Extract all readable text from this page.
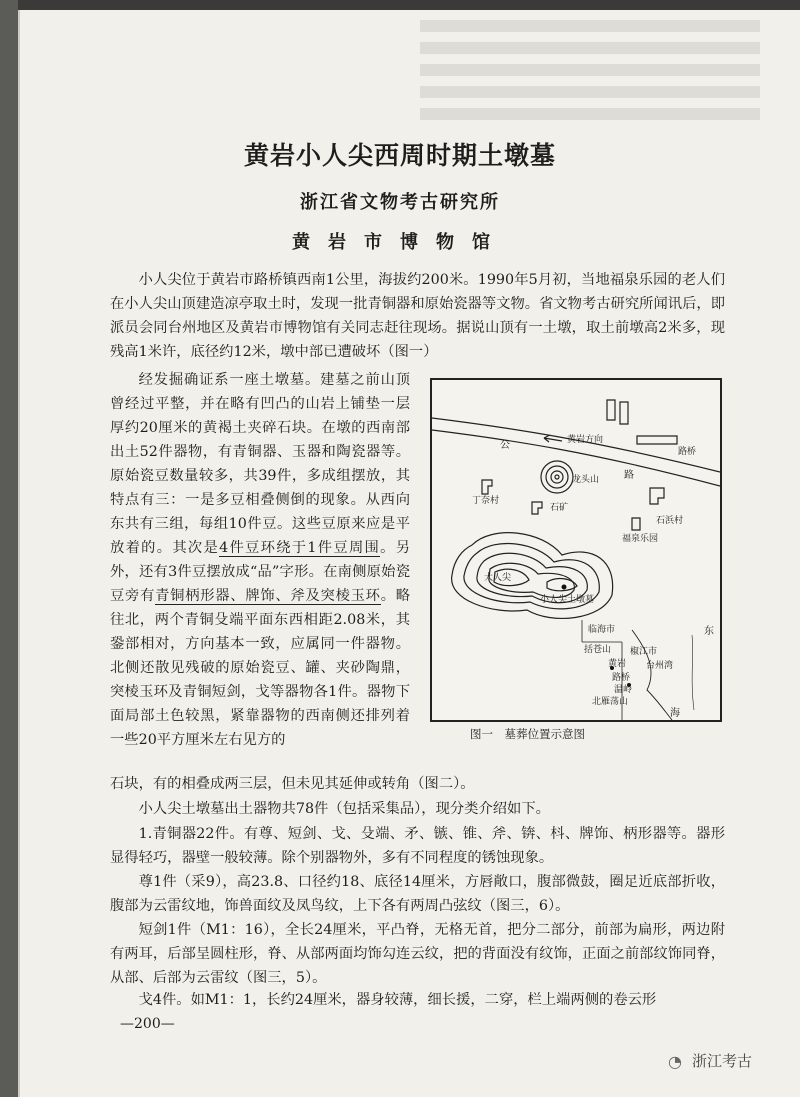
黄岩小人尖西周时期土墩墓
浙江省文物考古研究所
黄岩市博物馆
小人尖位于黄岩市路桥镇西南1公里，海拔约200米。1990年5月初，当地福泉乐园的老人们在小人尖山顶建造凉亭取土时，发现一批青铜器和原始瓷器等文物。省文物考古研究所闻讯后，即派员会同台州地区及黄岩市博物馆有关同志赶往现场。据说山顶有一土墩，取土前墩高2米多，现残高1米许，底径约12米，墩中部已遭破坏（图一）
经发掘确证系一座土墩墓。建墓之前山顶曾经过平整，并在略有凹凸的山岩上铺垫一层厚约20厘米的黄褐土夹碎石块。在墩的西南部出土52件器物，有青铜器、玉器和陶瓷器等。原始瓷豆数量较多，共39件，多成组摆放，其特点有三：一是多豆相叠侧倒的现象。从西向东共有三组，每组10件豆。这些豆原来应是平放着的。其次是4件豆环绕于1件豆周围。另外，还有3件豆摆放成“品”字形。在南侧原始瓷豆旁有青铜柄形器、牌饰、斧及突棱玉环。略往北，两个青铜殳端平面东西相距2.08米，其銎部相对，方向基本一致，应属同一件器物。北侧还散见残破的原始瓷豆、罐、夹砂陶鼎，突棱玉环及青铜短剑，戈等器物各1件。器物下面局部土色较黑，紧靠器物的西南侧还排列着一些20平方厘米左右见方的
黄岩方向
公
路
路桥
龙头山
丁奈村
石矿
石浜村
福泉乐园
大人尖
小人尖土墩墓
临海市	东
括苍山 椒江市
黄岩 台州湾
路桥
温岭
北雁荡山
海
图一　墓葬位置示意图
石块，有的相叠成两三层，但未见其延伸或转角（图二）。
小人尖土墩墓出土器物共78件（包括采集品），现分类介绍如下。
1.青铜器22件。有尊、短剑、戈、殳端、矛、镞、锥、斧、锛、枓、牌饰、柄形器等。器形显得轻巧，器壁一般较薄。除个别器物外，多有不同程度的锈蚀现象。
尊1件（采9），高23.8、口径约18、底径14厘米，方唇敞口，腹部微鼓，圈足近底部折收，腹部为云雷纹地，饰兽面纹及凤鸟纹，上下各有两周凸弦纹（图三，6）。
短剑1件（M1：16），全长24厘米，平凸脊，无格无首，把分二部分，前部为扁形，两边附有两耳，后部呈圆柱形，脊、从部两面均饰勾连云纹，把的背面没有纹饰，正面之前部纹饰同脊，从部、后部为云雷纹（图三，5）。
戈4件。如M1：1，长约24厘米，器身较薄，细长援，二穿，栏上端两侧的卷云形
—200—
◔ 浙江考古
